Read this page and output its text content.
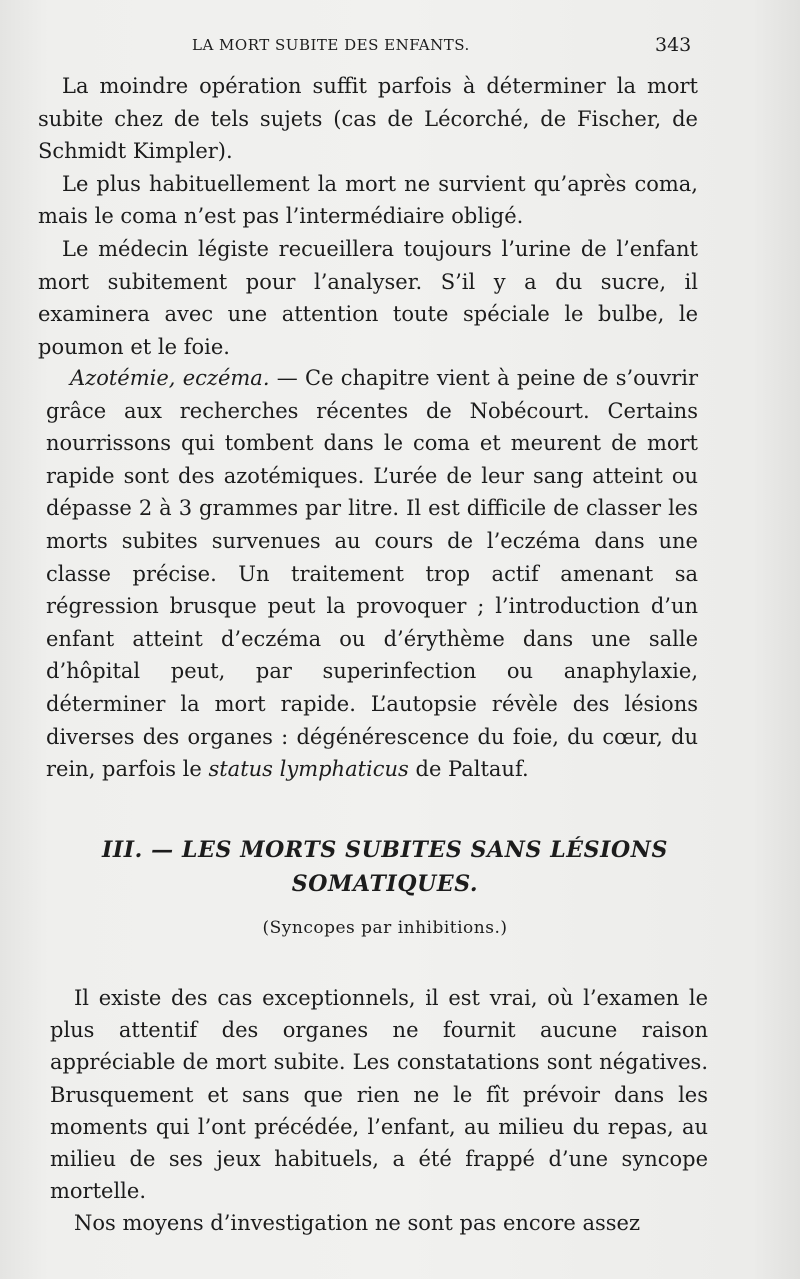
LA MORT SUBITE DES ENFANTS.	343

La moindre opération suffit parfois à déterminer la mort subite chez de tels sujets (cas de Lécorché, de Fischer, de Schmidt Kimpler).

Le plus habituellement la mort ne survient qu’après coma, mais le coma n’est pas l’intermédiaire obligé.

Le médecin légiste recueillera toujours l’urine de l’enfant mort subitement pour l’analyser. S’il y a du sucre, il examinera avec une attention toute spéciale le bulbe, le poumon et le foie.

Azotémie, eczéma. — Ce chapitre vient à peine de s’ouvrir grâce aux recherches récentes de Nobécourt. Certains nourrissons qui tombent dans le coma et meurent de mort rapide sont des azotémiques. L’urée de leur sang atteint ou dépasse 2 à 3 grammes par litre. Il est difficile de classer les morts subites survenues au cours de l’eczéma dans une classe précise. Un traitement trop actif amenant sa régression brusque peut la provoquer ; l’introduction d’un enfant atteint d’eczéma ou d’érythème dans une salle d’hôpital peut, par superinfection ou anaphylaxie, déterminer la mort rapide. L’autopsie révèle des lésions diverses des organes : dégénérescence du foie, du cœur, du rein, parfois le status lymphaticus de Paltauf.

III. — LES MORTS SUBITES SANS LÉSIONS
SOMATIQUES.
(Syncopes par inhibitions.)

Il existe des cas exceptionnels, il est vrai, où l’examen le plus attentif des organes ne fournit aucune raison appréciable de mort subite. Les constatations sont négatives. Brusquement et sans que rien ne le fît prévoir dans les moments qui l’ont précédée, l’enfant, au milieu du repas, au milieu de ses jeux habituels, a été frappé d’une syncope mortelle.

Nos moyens d’investigation ne sont pas encore assez
